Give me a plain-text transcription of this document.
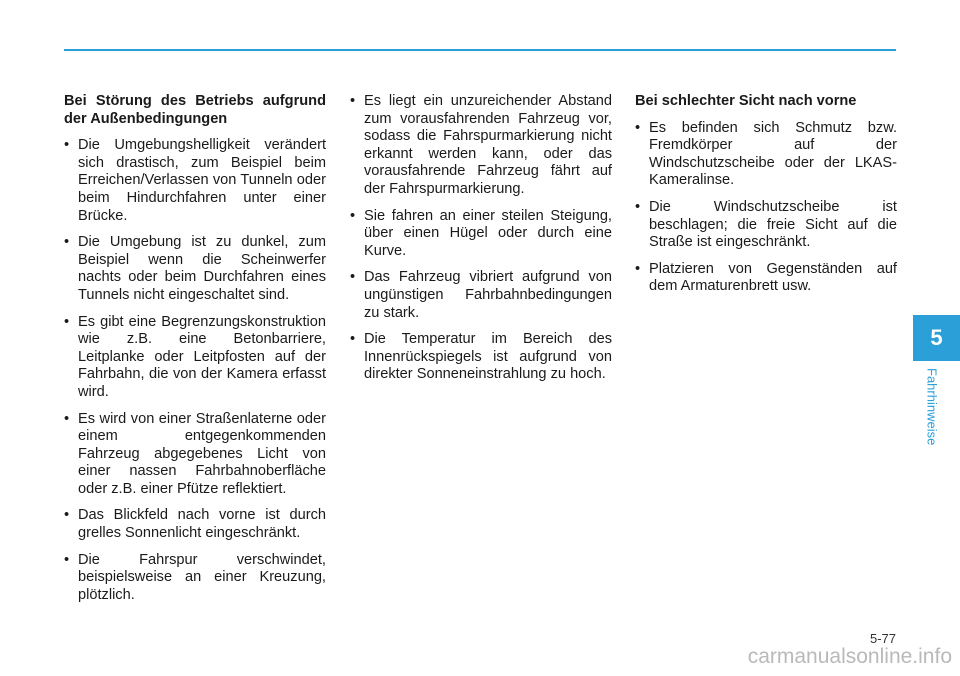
Bei Störung des Betriebs aufgrund der Außenbedingungen
• Die Umgebungshelligkeit verändert sich drastisch, zum Beispiel beim Erreichen/Verlassen von Tunneln oder beim Hindurchfahren unter einer Brücke.
• Die Umgebung ist zu dunkel, zum Beispiel wenn die Scheinwerfer nachts oder beim Durchfahren eines Tunnels nicht eingeschaltet sind.
• Es gibt eine Begrenzungskonstruktion wie z.B. eine Betonbarriere, Leitplanke oder Leitpfosten auf der Fahrbahn, die von der Kamera erfasst wird.
• Es wird von einer Straßenlaterne oder einem entgegenkommenden Fahrzeug abgegebenes Licht von einer nassen Fahrbahnoberfläche oder z.B. einer Pfütze reflektiert.
• Das Blickfeld nach vorne ist durch grelles Sonnenlicht eingeschränkt.
• Die Fahrspur verschwindet, beispielsweise an einer Kreuzung, plötzlich.
• Es liegt ein unzureichender Abstand zum vorausfahrenden Fahrzeug vor, sodass die Fahrspurmarkierung nicht erkannt werden kann, oder das vorausfahrende Fahrzeug fährt auf der Fahrspurmarkierung.
• Sie fahren an einer steilen Steigung, über einen Hügel oder durch eine Kurve.
• Das Fahrzeug vibriert aufgrund von ungünstigen Fahrbahnbedingungen zu stark.
• Die Temperatur im Bereich des Innenrückspiegels ist aufgrund von direkter Sonneneinstrahlung zu hoch.
Bei schlechter Sicht nach vorne
• Es befinden sich Schmutz bzw. Fremdkörper auf der Windschutzscheibe oder der LKAS-Kameralinse.
• Die Windschutzscheibe ist beschlagen; die freie Sicht auf die Straße ist eingeschränkt.
• Platzieren von Gegenständen auf dem Armaturenbrett usw.
5
Fahrhinweise
5-77
carmanualsonline.info
